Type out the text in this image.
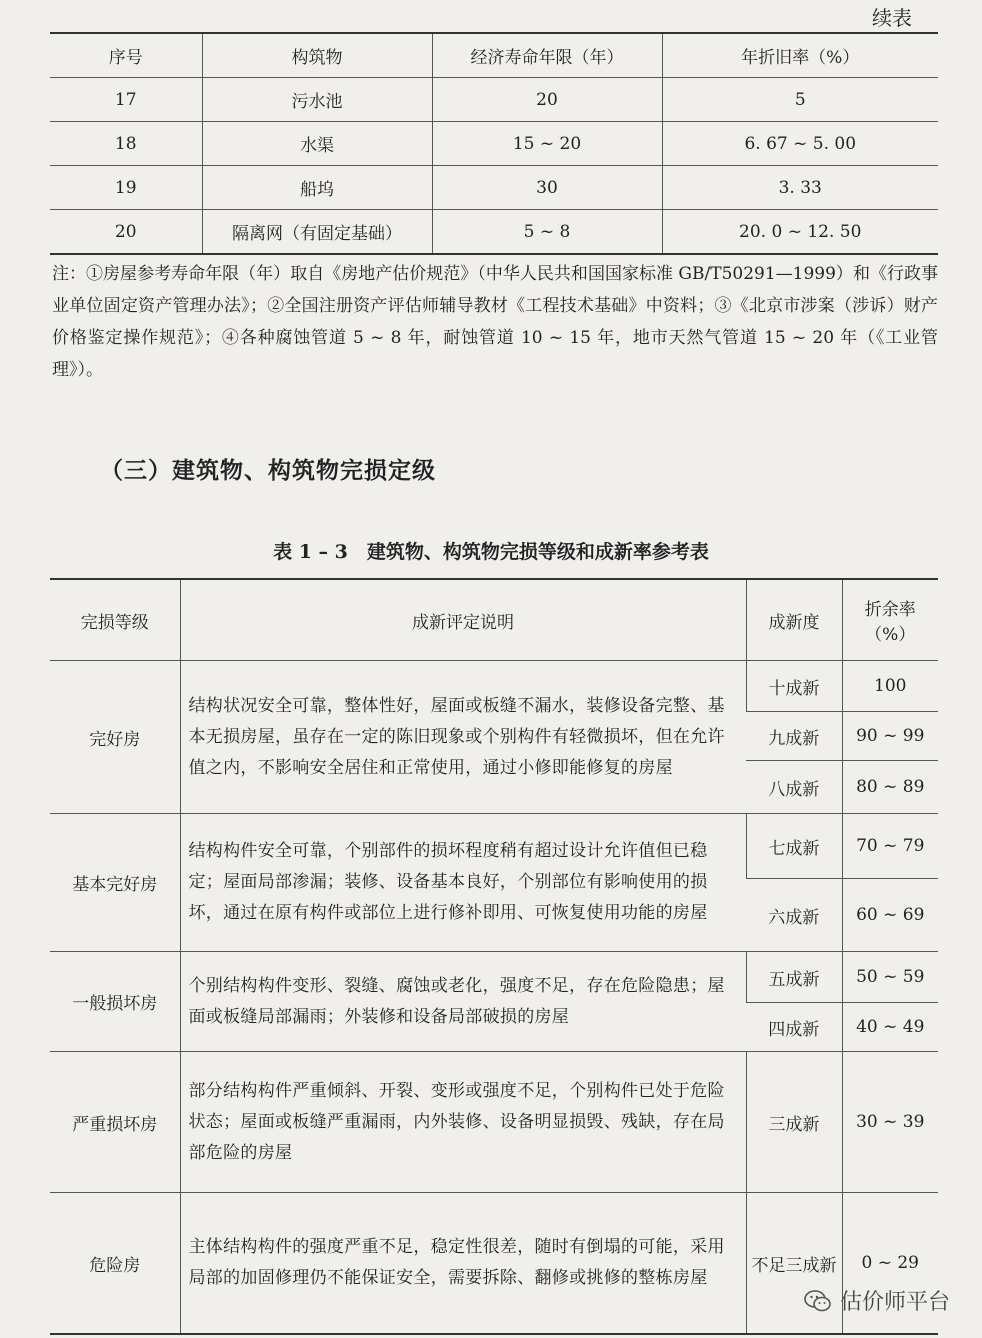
续表
序号	构筑物	经济寿命年限（年）	年折旧率（%）
17	污水池	20	5
18	水渠	15 ~ 20	6. 67 ~ 5. 00
19	船坞	30	3. 33
20	隔离网（有固定基础）	5 ~ 8	20. 0 ~ 12. 50
注：①房屋参考寿命年限（年）取自《房地产估价规范》（中华人民共和国国家标准 GB/T50291—1999）和《行政事业单位固定资产管理办法》；②全国注册资产评估师辅导教材《工程技术基础》中资料；③《北京市涉案（涉诉）财产价格鉴定操作规范》；④各种腐蚀管道 5 ~ 8 年，耐蚀管道 10 ~ 15 年，地市天然气管道 15 ~ 20 年（《工业管理》）。
（三）建筑物、构筑物完损定级
表 1 – 3　建筑物、构筑物完损等级和成新率参考表
完损等级	成新评定说明	成新度	折余率
（%）

完好房	结构状况安全可靠，整体性好，屋面或板缝不漏水，装修设备完整、基本无损房屋，虽存在一定的陈旧现象或个别构件有轻微损坏，但在允许值之内，不影响安全居住和正常使用，通过小修即能修复的房屋	十成新	100
		九成新	90 ~ 99
		八成新	80 ~ 89
基本完好房	结构构件安全可靠，个别部件的损坏程度稍有超过设计允许值但已稳定；屋面局部渗漏；装修、设备基本良好，个别部位有影响使用的损坏，通过在原有构件或部位上进行修补即用、可恢复使用功能的房屋	七成新	70 ~ 79
		六成新	60 ~ 69
一般损坏房	个别结构构件变形、裂缝、腐蚀或老化，强度不足，存在危险隐患；屋面或板缝局部漏雨；外装修和设备局部破损的房屋	五成新	50 ~ 59
		四成新	40 ~ 49
严重损坏房	部分结构构件严重倾斜、开裂、变形或强度不足，个别构件已处于危险状态；屋面或板缝严重漏雨，内外装修、设备明显损毁、残缺，存在局部危险的房屋	三成新	30 ~ 39
危险房	主体结构构件的强度严重不足，稳定性很差，随时有倒塌的可能，采用局部的加固修理仍不能保证安全，需要拆除、翻修或挑修的整栋房屋	不足三成新	0 ~ 29
估价师平台
